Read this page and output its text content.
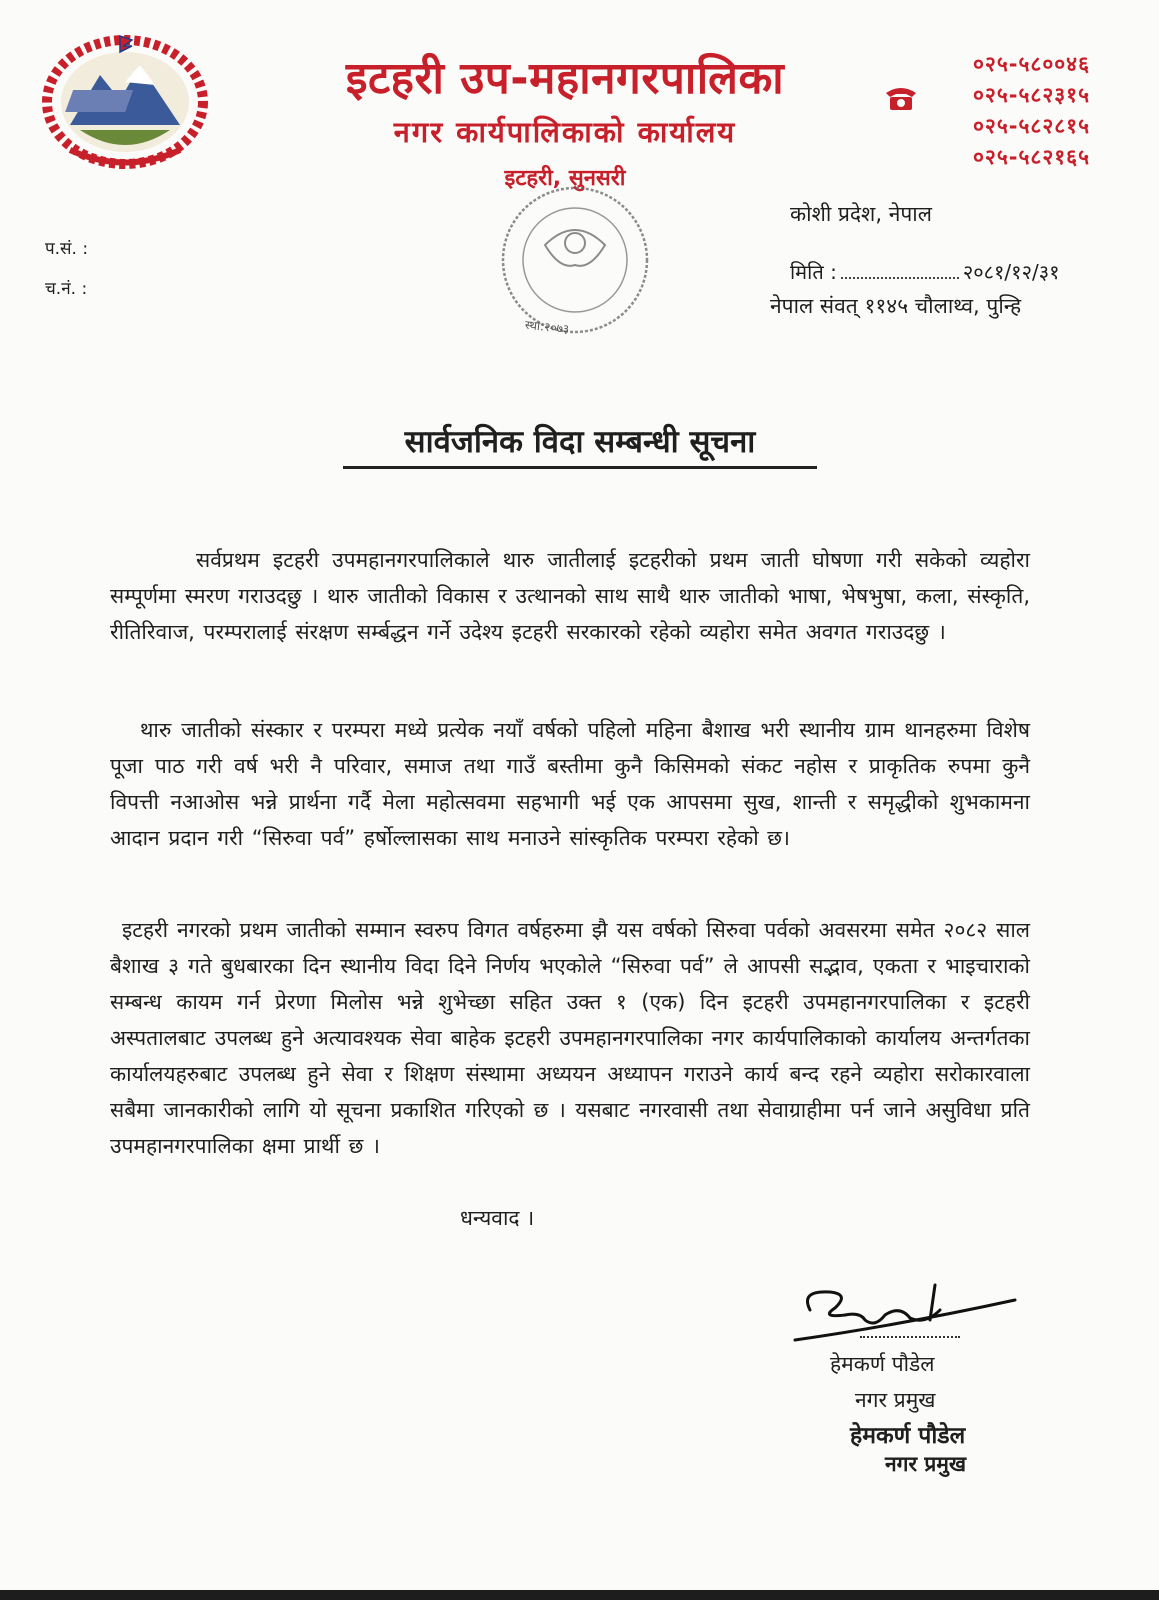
इटहरी उप-महानगरपालिका
नगर कार्यपालिकाको कार्यालय
इटहरी, सुनसरी
०२५-५८००४६
०२५-५८२३१५
०२५-५८२८१५
०२५-५८२१६५
कोशी प्रदेश, नेपाल
मिति :	२०८१/१२/३१
नेपाल संवत् ११४५ चौलाथ्व, पुन्हि
प.सं. :
च.नं. :
स्था:२०७३
सार्वजनिक विदा सम्बन्धी सूचना
सर्वप्रथम इटहरी उपमहानगरपालिकाले थारु जातीलाई इटहरीको प्रथम जाती घोषणा गरी सकेको व्यहोरा सम्पूर्णमा स्मरण गराउदछु । थारु जातीको विकास र उत्थानको साथ साथै थारु जातीको भाषा, भेषभुषा, कला, संस्कृति, रीतिरिवाज, परम्परालाई संरक्षण सर्म्बद्धन गर्ने उदेश्य इटहरी सरकारको रहेको व्यहोरा समेत अवगत गराउदछु ।
थारु जातीको संस्कार र परम्परा मध्ये प्रत्येक नयाँ वर्षको पहिलो महिना बैशाख भरी स्थानीय ग्राम थानहरुमा विशेष पूजा पाठ गरी वर्ष भरी नै परिवार, समाज तथा गाउँ बस्तीमा कुनै किसिमको संकट नहोस र प्राकृतिक रुपमा कुनै विपत्ती नआओस भन्ने प्रार्थना गर्दै मेला महोत्सवमा सहभागी भई एक आपसमा सुख, शान्ती र समृद्धीको शुभकामना आदान प्रदान गरी “सिरुवा पर्व” हर्षोल्लासका साथ मनाउने सांस्कृतिक परम्परा रहेको छ।
इटहरी नगरको प्रथम जातीको सम्मान स्वरुप विगत वर्षहरुमा झै यस वर्षको सिरुवा पर्वको अवसरमा समेत २०८२ साल बैशाख ३ गते बुधबारका दिन स्थानीय विदा दिने निर्णय भएकोले “सिरुवा पर्व” ले आपसी सद्भाव, एकता र भाइचाराको सम्बन्ध कायम गर्न प्रेरणा मिलोस भन्ने शुभेच्छा सहित उक्त १ (एक) दिन इटहरी उपमहानगरपालिका र इटहरी अस्पतालबाट उपलब्ध हुने अत्यावश्यक सेवा बाहेक इटहरी उपमहानगरपालिका नगर कार्यपालिकाको कार्यालय अन्तर्गतका कार्यालयहरुबाट उपलब्ध हुने सेवा र शिक्षण संस्थामा अध्ययन अध्यापन गराउने कार्य बन्द रहने व्यहोरा सरोकारवाला सबैमा जानकारीको लागि यो सूचना प्रकाशित गरिएको छ । यसबाट नगरवासी तथा सेवाग्राहीमा पर्न जाने असुविधा प्रति उपमहानगरपालिका क्षमा प्रार्थी छ ।
धन्यवाद ।
हेमकर्ण पौडेल
नगर प्रमुख
हेमकर्ण पौडेल
नगर प्रमुख
